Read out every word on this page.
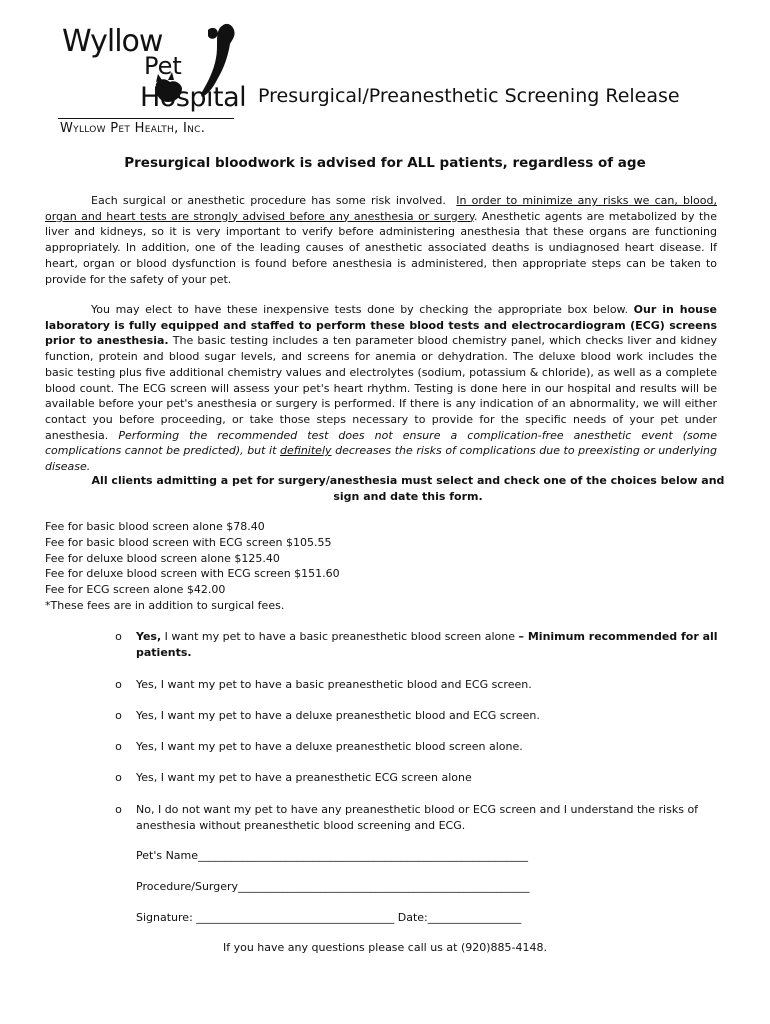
Wyllow
Pet
Hospital
Wyllow Pet Health, Inc.
Presurgical/Preanesthetic Screening Release
Presurgical bloodwork is advised for ALL patients, regardless of age

Each surgical or anesthetic procedure has some risk involved. In order to minimize any risks we can, blood, organ and heart tests are strongly advised before any anesthesia or surgery. Anesthetic agents are metabolized by the liver and kidneys, so it is very important to verify before administering anesthesia that these organs are functioning appropriately. In addition, one of the leading causes of anesthetic associated deaths is undiagnosed heart disease. If heart, organ or blood dysfunction is found before anesthesia is administered, then appropriate steps can be taken to provide for the safety of your pet.

You may elect to have these inexpensive tests done by checking the appropriate box below. Our in house laboratory is fully equipped and staffed to perform these blood tests and electrocardiogram (ECG) screens prior to anesthesia. The basic testing includes a ten parameter blood chemistry panel, which checks liver and kidney function, protein and blood sugar levels, and screens for anemia or dehydration. The deluxe blood work includes the basic testing plus five additional chemistry values and electrolytes (sodium, potassium & chloride), as well as a complete blood count. The ECG screen will assess your pet's heart rhythm. Testing is done here in our hospital and results will be available before your pet's anesthesia or surgery is performed. If there is any indication of an abnormality, we will either contact you before proceeding, or take those steps necessary to provide for the specific needs of your pet under anesthesia. Performing the recommended test does not ensure a complication-free anesthetic event (some complications cannot be predicted), but it definitely decreases the risks of complications due to preexisting or underlying disease.

All clients admitting a pet for surgery/anesthesia must select and check one of the choices below and sign and date this form.
Fee for basic blood screen alone $78.40
Fee for basic blood screen with ECG screen $105.55
Fee for deluxe blood screen alone $125.40
Fee for deluxe blood screen with ECG screen $151.60
Fee for ECG screen alone $42.00
*These fees are in addition to surgical fees.
o Yes, I want my pet to have a basic preanesthetic blood screen alone – Minimum recommended for all patients.
o Yes, I want my pet to have a basic preanesthetic blood and ECG screen.
o Yes, I want my pet to have a deluxe preanesthetic blood and ECG screen.
o Yes, I want my pet to have a deluxe preanesthetic blood screen alone.
o Yes, I want my pet to have a preanesthetic ECG screen alone
o No, I do not want my pet to have any preanesthetic blood or ECG screen and I understand the risks of anesthesia without preanesthetic blood screening and ECG.
Pet's Name____________________________________________________________
Procedure/Surgery_____________________________________________________
Signature: ____________________________________ Date:_________________
If you have any questions please call us at (920)885-4148.
